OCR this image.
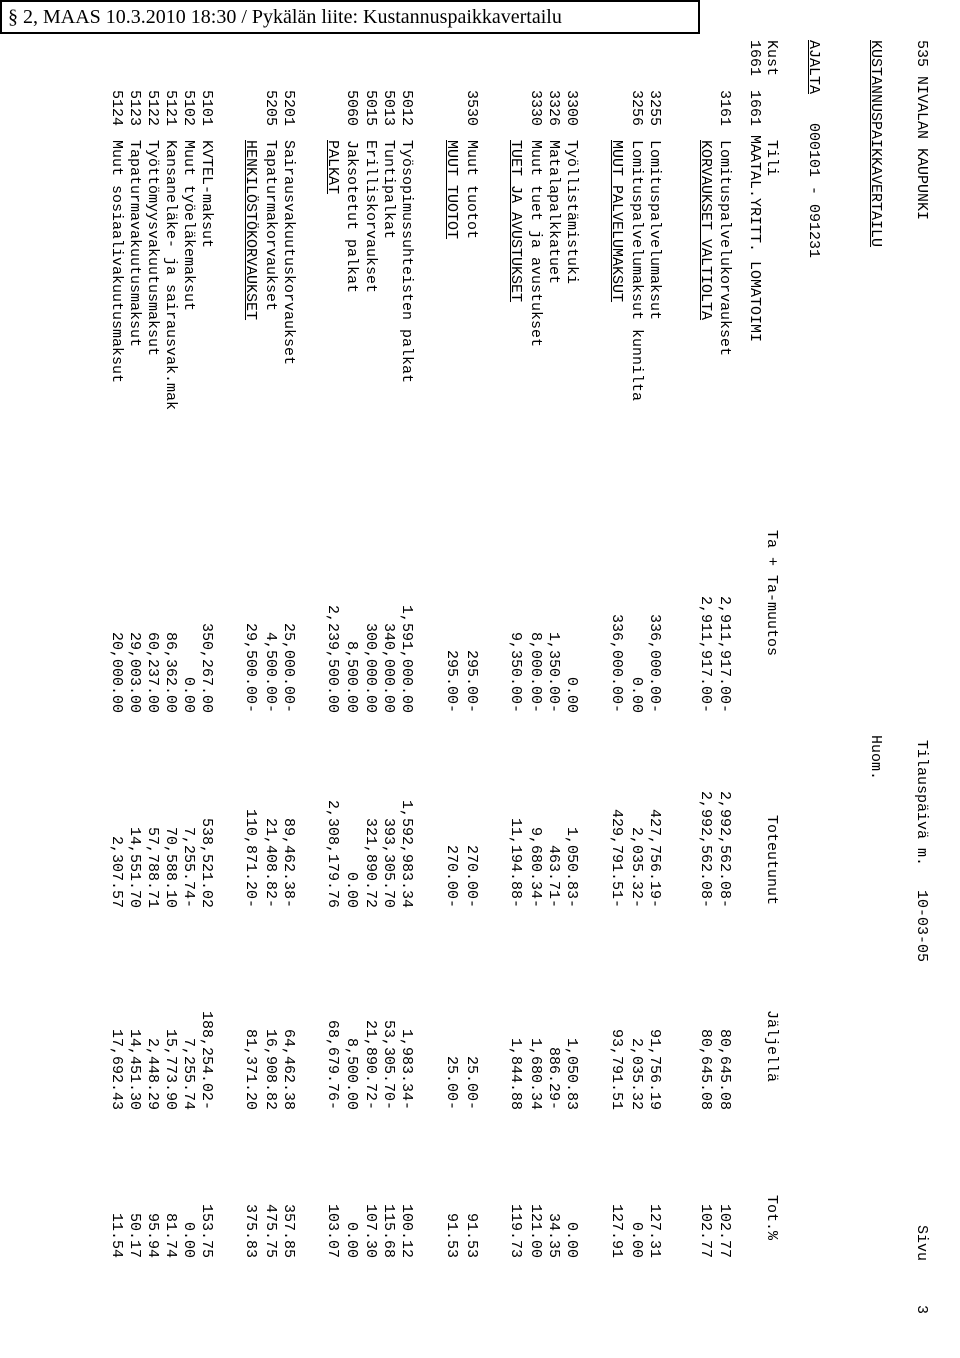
§ 2, MAAS 10.3.2010 18:30 / Pykälän liite: Kustannuspaikkavertailu
535 NIVALAN KAUPUNKI
Tilauspäivä m.
10-03-05
Sivu
3
KUSTANNUSPAIKKAVERTAILU
Huom.
AJALTA
000101 - 091231
Kust
Tili
Ta + Ta-muutos
Toteutunut
Jäljellä
Tot.%
1661
1661 MAATAL.YRITT. LOMATOIMI
3161
Lomituspalvelukorvaukset
2,911,917.00-
2,992,562.08-
80,645.08
102.77
KORVAUKSET VALTIOLTA
2,911,917.00-
2,992,562.08-
80,645.08
102.77
3255
Lomituspalvelumaksut
336,000.00-
427,756.19-
91,756.19
127.31
3256
Lomituspalvelumaksut kunnilta
0.00
2,035.32-
2,035.32
0.00
MUUT PALVELUMAKSUT
336,000.00-
429,791.51-
93,791.51
127.91
3300
Työllistämistuki
0.00
1,050.83-
1,050.83
0.00
3326
Matalapalkkatuet
1,350.00-
463.71-
886.29-
34.35
3330
Muut tuet ja avustukset
8,000.00-
9,680.34-
1,680.34
121.00
TUET JA AVUSTUKSET
9,350.00-
11,194.88-
1,844.88
119.73
3530
Muut tuotot
295.00-
270.00-
25.00-
91.53
MUUT TUOTOT
295.00-
270.00-
25.00-
91.53
5012
Työsopimussuhteisten palkat
1,591,000.00
1,592,983.34
1,983.34-
100.12
5013
Tuntipalkat
340,000.00
393,305.70
53,305.70-
115.68
5015
Erilliskorvaukset
300,000.00
321,890.72
21,890.72-
107.30
5060
Jaksotetut palkat
8,500.00
0.00
8,500.00
0.00
PALKAT
2,239,500.00
2,308,179.76
68,679.76-
103.07
5201
Sairausvakuutuskorvaukset
25,000.00-
89,462.38-
64,462.38
357.85
5205
Tapaturmakorvaukset
4,500.00-
21,408.82-
16,908.82
475.75
HENKILÖSTÖKORVAUKSET
29,500.00-
110,871.20-
81,371.20
375.83
5101
KVTEL-maksut
350,267.00
538,521.02
188,254.02-
153.75
5102
Muut työeläkemaksut
0.00
7,255.74-
7,255.74
0.00
5121
Kansaneläke- ja sairausvak.mak
86,362.00
70,588.10
15,773.90
81.74
5122
Työttömyysvakuutusmaksut
60,237.00
57,788.71
2,448.29
95.94
5123
Tapaturmavakuutusmaksut
29,003.00
14,551.70
14,451.30
50.17
5124
Muut sosiaalivakuutusmaksut
20,000.00
2,307.57
17,692.43
11.54
